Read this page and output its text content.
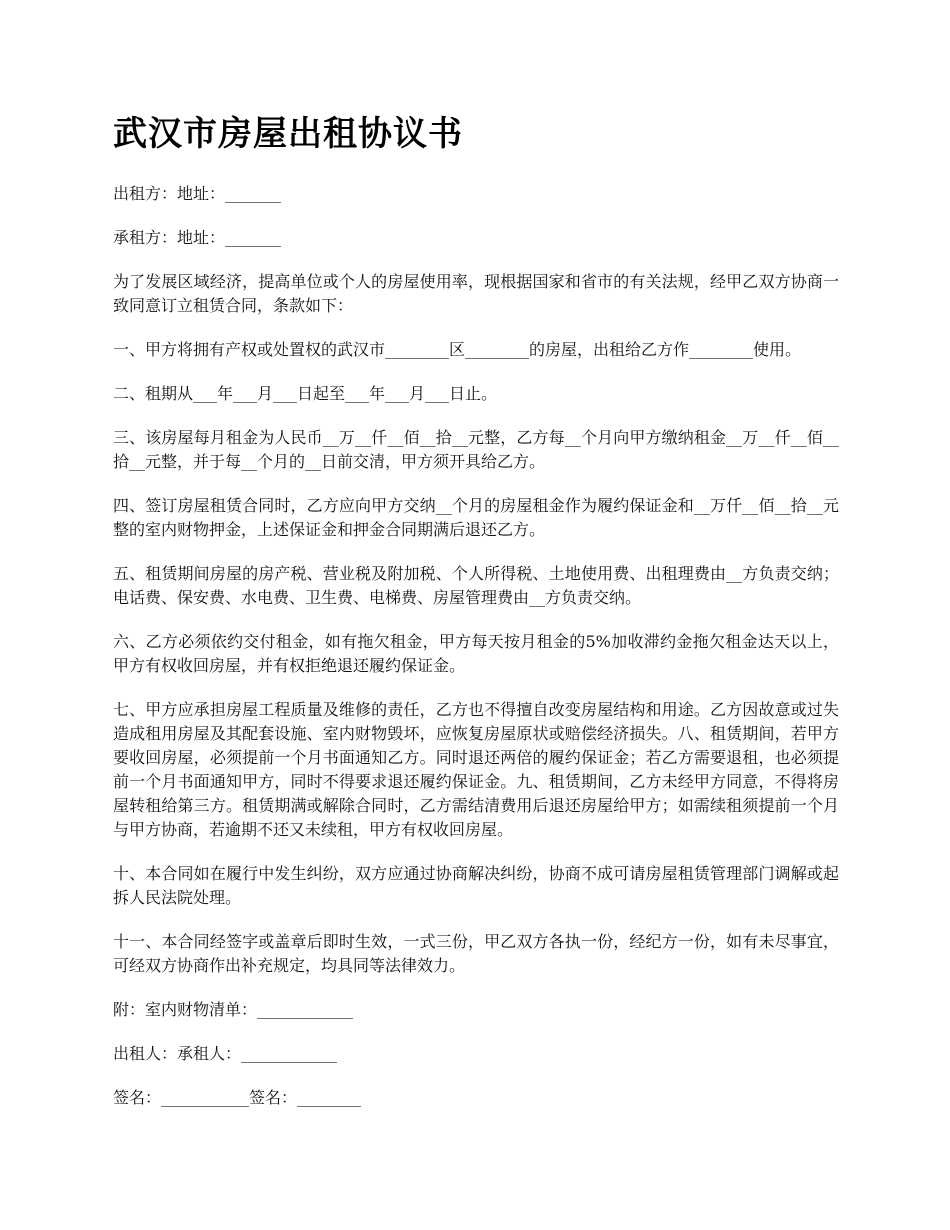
武汉市房屋出租协议书

出租方：地址：_______

承租方：地址：_______

为了发展区域经济，提高单位或个人的房屋使用率，现根据国家和省市的有关法规，经甲乙双方协商一致同意订立租赁合同，条款如下：

一、甲方将拥有产权或处置权的武汉市________区________的房屋，出租给乙方作________使用。

二、租期从___年___月___日起至___年___月___日止。

三、该房屋每月租金为人民币__万__仟__佰__拾__元整，乙方每__个月向甲方缴纳租金__万__仟__佰__拾__元整，并于每__个月的__日前交清，甲方须开具给乙方。

四、签订房屋租赁合同时，乙方应向甲方交纳__个月的房屋租金作为履约保证金和__万仟__佰__拾__元整的室内财物押金，上述保证金和押金合同期满后退还乙方。

五、租赁期间房屋的房产税、营业税及附加税、个人所得税、土地使用费、出租理费由__方负责交纳；电话费、保安费、水电费、卫生费、电梯费、房屋管理费由__方负责交纳。

六、乙方必须依约交付租金，如有拖欠租金，甲方每天按月租金的5%加收滞约金拖欠租金达天以上，甲方有权收回房屋，并有权拒绝退还履约保证金。

七、甲方应承担房屋工程质量及维修的责任，乙方也不得擅自改变房屋结构和用途。乙方因故意或过失造成租用房屋及其配套设施、室内财物毁坏，应恢复房屋原状或赔偿经济损失。八、租赁期间，若甲方要收回房屋，必须提前一个月书面通知乙方。同时退还两倍的履约保证金；若乙方需要退租，也必须提前一个月书面通知甲方，同时不得要求退还履约保证金。九、租赁期间，乙方未经甲方同意，不得将房屋转租给第三方。租赁期满或解除合同时，乙方需结清费用后退还房屋给甲方；如需续租须提前一个月与甲方协商，若逾期不还又未续租，甲方有权收回房屋。

十、本合同如在履行中发生纠纷，双方应通过协商解决纠纷，协商不成可请房屋租赁管理部门调解或起拆人民法院处理。

十一、本合同经签字或盖章后即时生效，一式三份，甲乙双方各执一份，经纪方一份，如有未尽事宜，可经双方协商作出补充规定，均具同等法律效力。

附：室内财物清单：____________

出租人：承租人：____________

签名：___________签名：________
